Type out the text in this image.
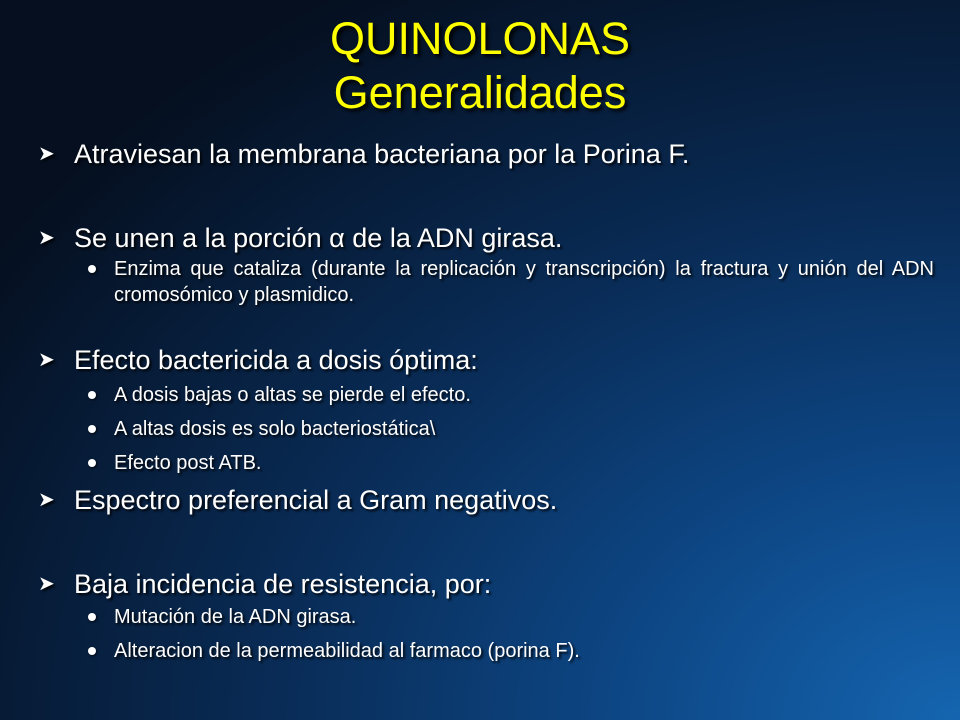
QUINOLONAS
Generalidades

➤ Atraviesan la membrana bacteriana por la Porina F.

➤ Se unen a la porción α de la ADN girasa.

Enzima que cataliza (durante la replicación y transcripción) la fractura y unión del ADN cromosómico y plasmidico.

➤ Efecto bactericida a dosis óptima:

A dosis bajas o altas se pierde el efecto.

A altas dosis es solo bacteriostática\

Efecto post ATB.

➤ Espectro preferencial a Gram negativos.

➤ Baja incidencia de resistencia, por:

Mutación de la ADN girasa.

Alteracion de la permeabilidad al farmaco (porina F).
